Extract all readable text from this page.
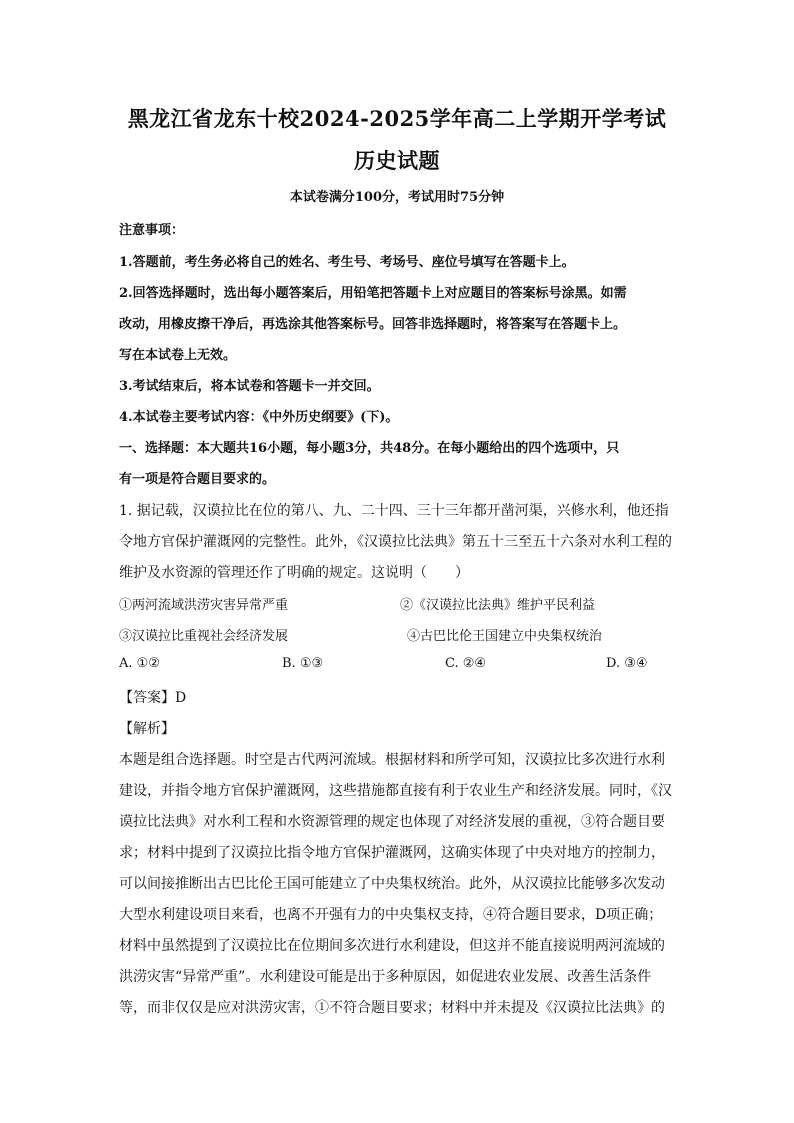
黑龙江省龙东十校2024-2025学年高二上学期开学考试
历史试题
本试卷满分100分，考试用时75分钟
注意事项：
1.答题前，考生务必将自己的姓名、考生号、考场号、座位号填写在答题卡上。
2.回答选择题时，选出每小题答案后，用铅笔把答题卡上对应题目的答案标号涂黑。如需
改动，用橡皮擦干净后，再选涂其他答案标号。回答非选择题时，将答案写在答题卡上。
写在本试卷上无效。
3.考试结束后，将本试卷和答题卡一并交回。
4.本试卷主要考试内容：《中外历史纲要》(下)。
一、选择题：本大题共16小题，每小题3分，共48分。在每小题给出的四个选项中，只
有一项是符合题目要求的。
1. 据记载，汉谟拉比在位的第八、九、二十四、三十三年都开凿河渠，兴修水利，他还指
令地方官保护灌溉网的完整性。此外，《汉谟拉比法典》第五十三至五十六条对水利工程的
维护及水资源的管理还作了明确的规定。这说明（　　）
①两河流域洪涝灾害异常严重	②《汉谟拉比法典》维护平民利益
③汉谟拉比重视社会经济发展	④古巴比伦王国建立中央集权统治
A. ①②	B. ①③	C. ②④	D. ③④
【答案】D
【解析】
本题是组合选择题。时空是古代两河流域。根据材料和所学可知，汉谟拉比多次进行水利
建设，并指令地方官保护灌溉网，这些措施都直接有利于农业生产和经济发展。同时，《汉
谟拉比法典》对水利工程和水资源管理的规定也体现了对经济发展的重视，③符合题目要
求；材料中提到了汉谟拉比指令地方官保护灌溉网，这确实体现了中央对地方的控制力，
可以间接推断出古巴比伦王国可能建立了中央集权统治。此外，从汉谟拉比能够多次发动
大型水利建设项目来看，也离不开强有力的中央集权支持，④符合题目要求，D项正确；
材料中虽然提到了汉谟拉比在位期间多次进行水利建设，但这并不能直接说明两河流域的
洪涝灾害“异常严重”。水利建设可能是出于多种原因，如促进农业发展、改善生活条件
等，而非仅仅是应对洪涝灾害，①不符合题目要求；材料中并未提及《汉谟拉比法典》的
